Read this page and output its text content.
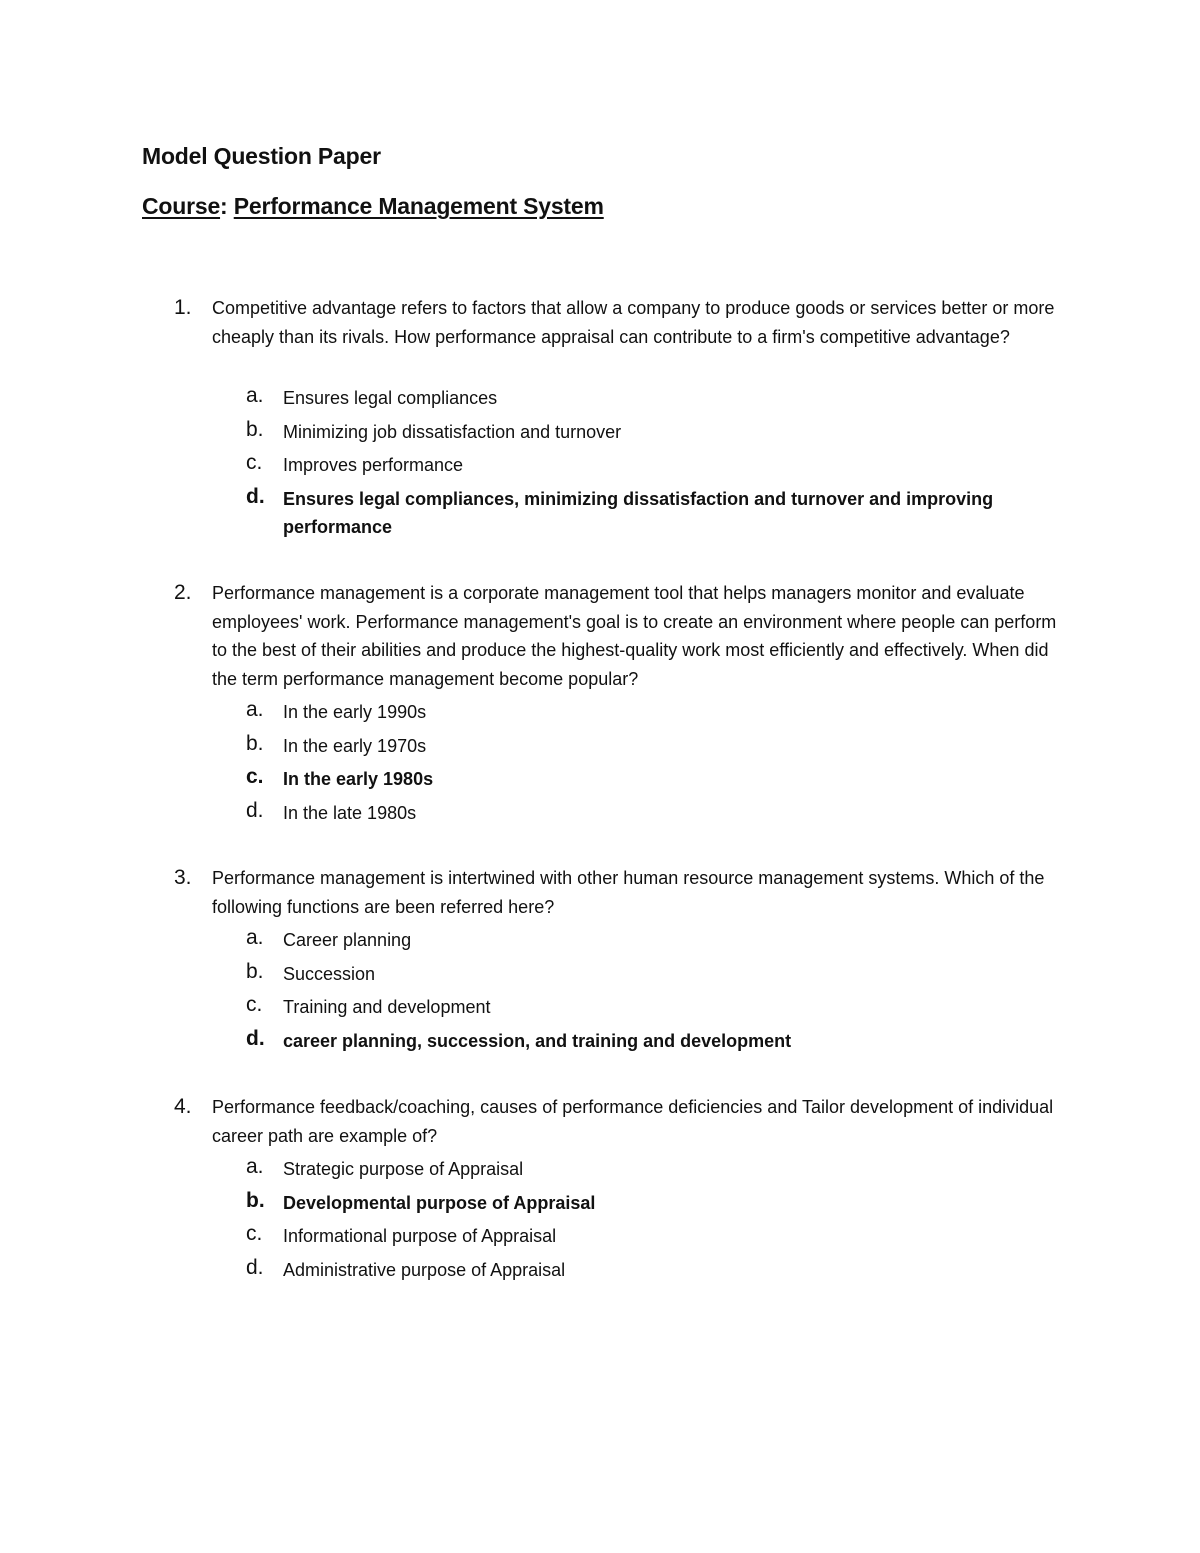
Model Question Paper

Course: Performance Management System

1. Competitive advantage refers to factors that allow a company to produce goods or services better or more cheaply than its rivals. How performance appraisal can contribute to a firm's competitive advantage?

a. Ensures legal compliances
b. Minimizing job dissatisfaction and turnover
c. Improves performance
d. Ensures legal compliances, minimizing dissatisfaction and turnover and improving performance
2. Performance management is a corporate management tool that helps managers monitor and evaluate employees' work. Performance management's goal is to create an environment where people can perform to the best of their abilities and produce the highest-quality work most efficiently and effectively. When did the term performance management become popular?

a. In the early 1990s
b. In the early 1970s
c. In the early 1980s
d. In the late 1980s
3. Performance management is intertwined with other human resource management systems. Which of the following functions are been referred here?

a. Career planning
b. Succession
c. Training and development
d. career planning, succession, and training and development
4. Performance feedback/coaching, causes of performance deficiencies and Tailor development of individual career path are example of?

a. Strategic purpose of Appraisal
b. Developmental purpose of Appraisal
c. Informational purpose of Appraisal
d. Administrative purpose of Appraisal
